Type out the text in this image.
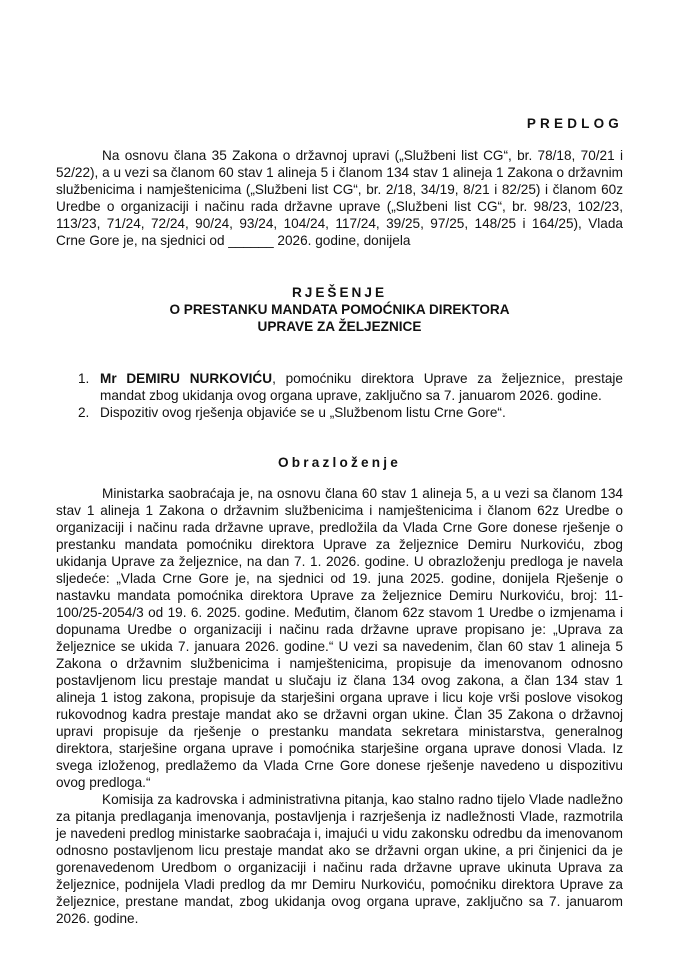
PREDLOG

Na osnovu člana 35 Zakona o državnoj upravi („Službeni list CG“, br. 78/18, 70/21 i 52/22), a u vezi sa članom 60 stav 1 alineja 5 i članom 134 stav 1 alineja 1 Zakona o državnim službenicima i namještenicima („Službeni list CG“, br. 2/18, 34/19, 8/21 i 82/25) i članom 60z Uredbe o organizaciji i načinu rada državne uprave („Službeni list CG“, br. 98/23, 102/23, 113/23, 71/24, 72/24, 90/24, 93/24, 104/24, 117/24, 39/25, 97/25, 148/25 i 164/25), Vlada Crne Gore je, na sjednici od ______ 2026. godine, donijela

RJEŠENJE
O PRESTANKU MANDATA POMOĆNIKA DIREKTORA
UPRAVE ZA ŽELJEZNICE
1. Mr DEMIRU NURKOVIĆU, pomoćniku direktora Uprave za željeznice, prestaje mandat zbog ukidanja ovog organa uprave, zaključno sa 7. januarom 2026. godine.
2. Dispozitiv ovog rješenja objaviće se u „Službenom listu Crne Gore“.
Obrazloženje

Ministarka saobraćaja je, na osnovu člana 60 stav 1 alineja 5, a u vezi sa članom 134 stav 1 alineja 1 Zakona o državnim službenicima i namještenicima i članom 62z Uredbe o organizaciji i načinu rada državne uprave, predložila da Vlada Crne Gore donese rješenje o prestanku mandata pomoćniku direktora Uprave za željeznice Demiru Nurkoviću, zbog ukidanja Uprave za željeznice, na dan 7. 1. 2026. godine. U obrazloženju predloga je navela sljedeće: „Vlada Crne Gore je, na sjednici od 19. juna 2025. godine, donijela Rješenje o nastavku mandata pomoćnika direktora Uprave za željeznice Demiru Nurkoviću, broj: 11-100/25-2054/3 od 19. 6. 2025. godine. Međutim, članom 62z stavom 1 Uredbe o izmjenama i dopunama Uredbe o organizaciji i načinu rada državne uprave propisano je: „Uprava za željeznice se ukida 7. januara 2026. godine.“ U vezi sa navedenim, član 60 stav 1 alineja 5 Zakona o državnim službenicima i namještenicima, propisuje da imenovanom odnosno postavljenom licu prestaje mandat u slučaju iz člana 134 ovog zakona, a član 134 stav 1 alineja 1 istog zakona, propisuje da starješini organa uprave i licu koje vrši poslove visokog rukovodnog kadra prestaje mandat ako se državni organ ukine. Član 35 Zakona o državnoj upravi propisuje da rješenje o prestanku mandata sekretara ministarstva, generalnog direktora, starješine organa uprave i pomoćnika starješine organa uprave donosi Vlada. Iz svega izloženog, predlažemo da Vlada Crne Gore donese rješenje navedeno u dispozitivu ovog predloga.“

Komisija za kadrovska i administrativna pitanja, kao stalno radno tijelo Vlade nadležno za pitanja predlaganja imenovanja, postavljenja i razrješenja iz nadležnosti Vlade, razmotrila je navedeni predlog ministarke saobraćaja i, imajući u vidu zakonsku odredbu da imenovanom odnosno postavljenom licu prestaje mandat ako se državni organ ukine, a pri činjenici da je gorenavedenom Uredbom o organizaciji i načinu rada državne uprave ukinuta Uprava za željeznice, podnijela Vladi predlog da mr Demiru Nurkoviću, pomoćniku direktora Uprave za željeznice, prestane mandat, zbog ukidanja ovog organa uprave, zaključno sa 7. januarom 2026. godine.
